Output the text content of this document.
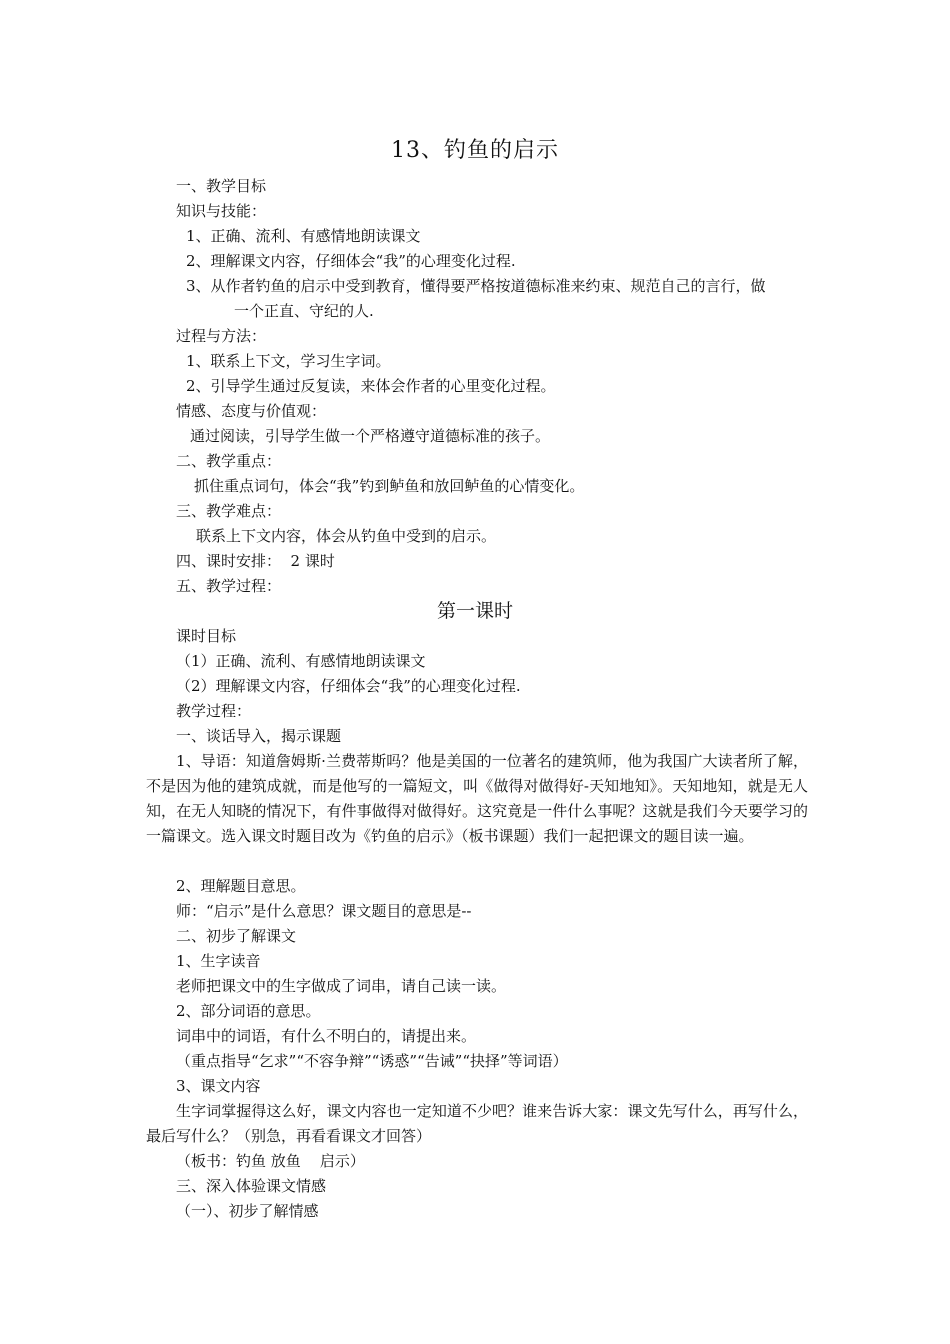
13、钓鱼的启示
一、教学目标
知识与技能：
1、正确、流利、有感情地朗读课文
2、理解课文内容，仔细体会“我”的心理变化过程.
3、从作者钓鱼的启示中受到教育，懂得要严格按道德标准来约束、规范自己的言行，做
一个正直、守纪的人.
过程与方法：
1、联系上下文，学习生字词。
2、引导学生通过反复读，来体会作者的心里变化过程。
情感、态度与价值观：
通过阅读，引导学生做一个严格遵守道德标准的孩子。
二、教学重点：
抓住重点词句，体会“我”钓到鲈鱼和放回鲈鱼的心情变化。
三、教学难点：
联系上下文内容，体会从钓鱼中受到的启示。
四、课时安排：  2 课时
五、教学过程：
第一课时
课时目标
（1）正确、流利、有感情地朗读课文
（2）理解课文内容，仔细体会“我”的心理变化过程.
教学过程：
一、谈话导入，揭示课题
1、导语：知道詹姆斯·兰费蒂斯吗？他是美国的一位著名的建筑师，他为我国广大读者所了解，不是因为他的建筑成就，而是他写的一篇短文，叫《做得对做得好-天知地知》。天知地知，就是无人知，在无人知晓的情况下，有件事做得对做得好。这究竟是一件什么事呢？这就是我们今天要学习的一篇课文。选入课文时题目改为《钓鱼的启示》（板书课题）我们一起把课文的题目读一遍。
2、理解题目意思。
师：“启示”是什么意思？课文题目的意思是--
二、初步了解课文
1、生字读音
老师把课文中的生字做成了词串，请自己读一读。
2、部分词语的意思。
词串中的词语，有什么不明白的，请提出来。
（重点指导“乞求”“不容争辩”“诱惑”“告诫”“抉择”等词语）
3、课文内容
生字词掌握得这么好，课文内容也一定知道不少吧？谁来告诉大家：课文先写什么，再写什么，最后写什么？（别急，再看看课文才回答）
（板书：钓鱼 放鱼    启示）
三、深入体验课文情感
（一）、初步了解情感
